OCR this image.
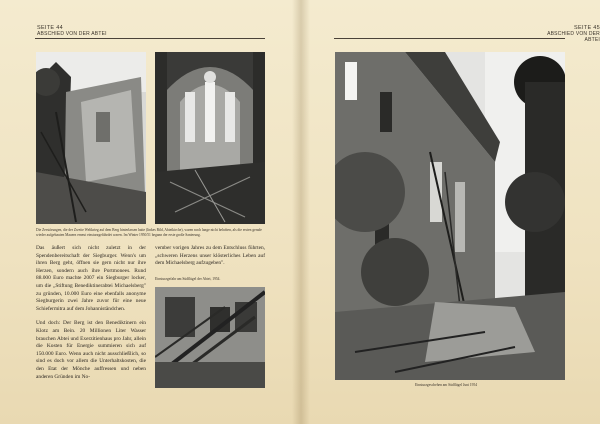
SEITE 44
ABSCHIED VON DER ABTEI
Die Zerstörungen, die der Zweite Weltkrieg auf dem Berg hinterlassen hatte (linkes Bild, Abteikirche), waren noch lange nicht behoben, als die ersten gerade wieder aufgebauten Mauern erneut einsturzgefährdet waren. Im Winter 1950/51 begann der erste große Sanierung.

Das äußert sich nicht zuletzt in der Spendenbereitschaft der Siegburger. Wenn's um ihren Berg geht, öffnen sie gern nicht nur ihre Herzen, sondern auch ihre Portmonees. Rund 88.000 Euro machte 2007 ein Siegburger locker, um die „Stiftung Benediktinerabtei Michaelsberg" zu gründen, 10.000 Euro eine ebenfalls anonyme Siegburgerin zwei Jahre zuvor für eine neue Schiefermitra auf dem Johanniständchen.

Und doch: Der Berg ist den Benediktinern ein Klotz am Bein. 20 Millionen Liter Wasser brauchen Abtei und Exerzitienhaus pro Jahr, allein die Kosten für Energie summieren sich auf 150.000 Euro. Wenn auch nicht ausschließlich, so sind es doch vor allem die Unterhaltskosten, die den Etat der Mönche auffressen und neben anderen Gründen im No-

vember vorigen Jahres zu dem Entschluss führten, „schweren Herzens unser klösterliches Leben auf dem Michaelsberg aufzugeben".

Einsturzgefahr am Südflügel der Abtei, 1954.
SEITE 45
ABSCHIED VON DER ABTEI
Einsturzgeschehen am Südflügel Juni 1954
